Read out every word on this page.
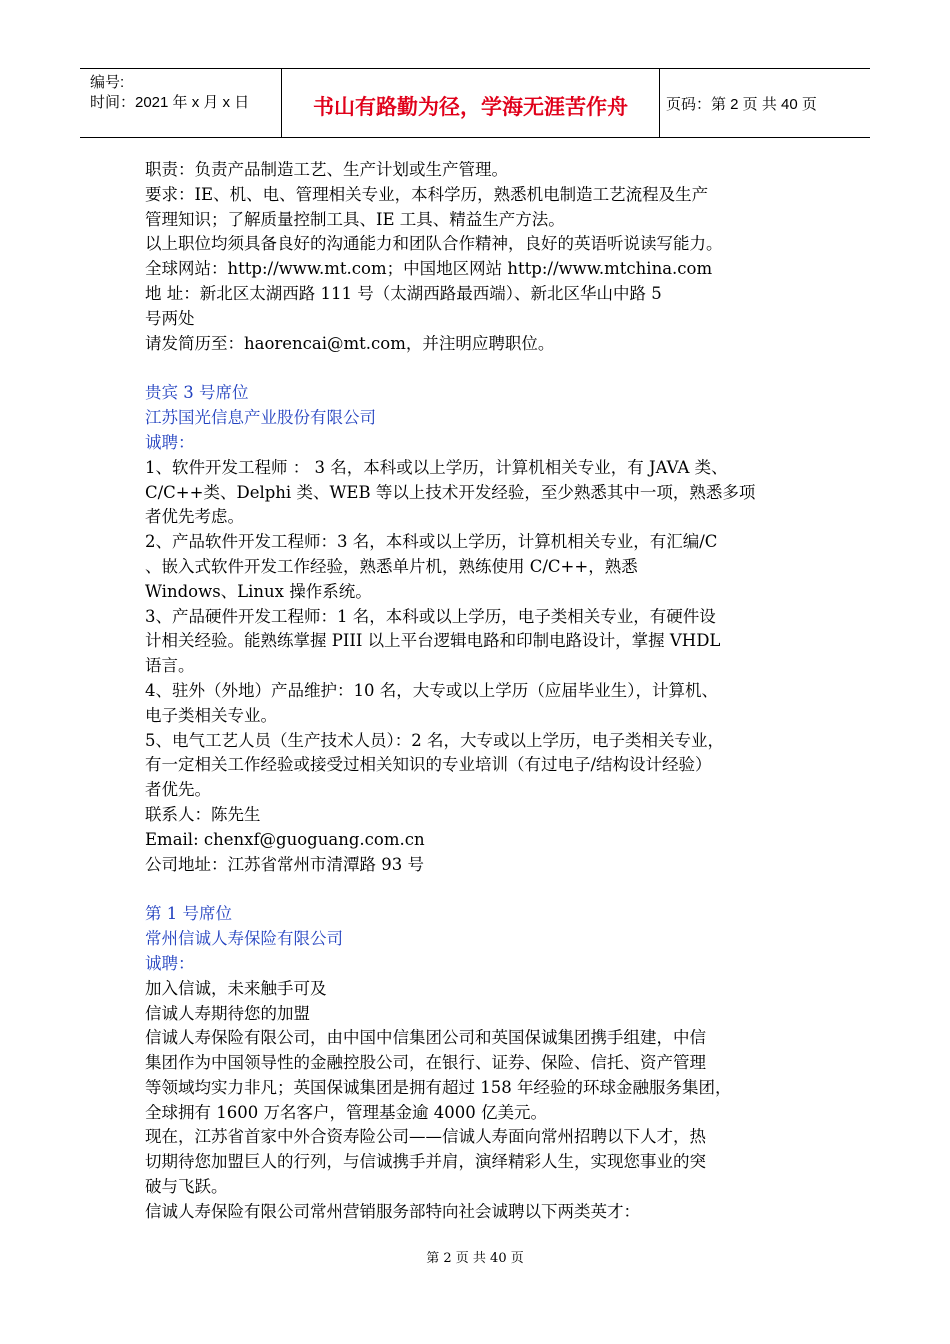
编号:
时间：2021 年 x 月 x 日	书山有路勤为径，学海无涯苦作舟	页码：第 2 页 共 40 页
职责：负责产品制造工艺、生产计划或生产管理。
要求：IE、机、电、管理相关专业，本科学历，熟悉机电制造工艺流程及生产
管理知识；了解质量控制工具、IE 工具、精益生产方法。
以上职位均须具备良好的沟通能力和团队合作精神，良好的英语听说读写能力。
全球网站：http://www.mt.com；中国地区网站 http://www.mtchina.com
地 址：新北区太湖西路 111 号（太湖西路最西端）、新北区华山中路 5
号两处
请发简历至：haorencai@mt.com，并注明应聘职位。
贵宾 3 号席位
江苏国光信息产业股份有限公司
诚聘：
1、软件开发工程师 ： 3 名，本科或以上学历，计算机相关专业，有 JAVA 类、
C/C++类、Delphi 类、WEB 等以上技术开发经验，至少熟悉其中一项，熟悉多项
者优先考虑。
2、产品软件开发工程师：3 名，本科或以上学历，计算机相关专业，有汇编/C
、嵌入式软件开发工作经验，熟悉单片机，熟练使用 C/C++，熟悉
Windows、Linux 操作系统。
3、产品硬件开发工程师：1 名，本科或以上学历，电子类相关专业，有硬件设
计相关经验。能熟练掌握 PIII 以上平台逻辑电路和印制电路设计，掌握 VHDL
语言。
4、驻外（外地）产品维护：10 名，大专或以上学历（应届毕业生），计算机、
电子类相关专业。
5、电气工艺人员（生产技术人员）：2 名，大专或以上学历，电子类相关专业，
有一定相关工作经验或接受过相关知识的专业培训（有过电子/结构设计经验）
者优先。
联系人：陈先生
Email: chenxf@guoguang.com.cn
公司地址：江苏省常州市清潭路 93 号
第 1 号席位
常州信诚人寿保险有限公司
诚聘：
加入信诚，未来触手可及
信诚人寿期待您的加盟
信诚人寿保险有限公司，由中国中信集团公司和英国保诚集团携手组建，中信
集团作为中国领导性的金融控股公司，在银行、证券、保险、信托、资产管理
等领域均实力非凡；英国保诚集团是拥有超过 158 年经验的环球金融服务集团，
全球拥有 1600 万名客户，管理基金逾 4000 亿美元。
现在，江苏省首家中外合资寿险公司——信诚人寿面向常州招聘以下人才，热
切期待您加盟巨人的行列，与信诚携手并肩，演绎精彩人生，实现您事业的突
破与飞跃。
信诚人寿保险有限公司常州营销服务部特向社会诚聘以下两类英才：
第 2 页 共 40 页
